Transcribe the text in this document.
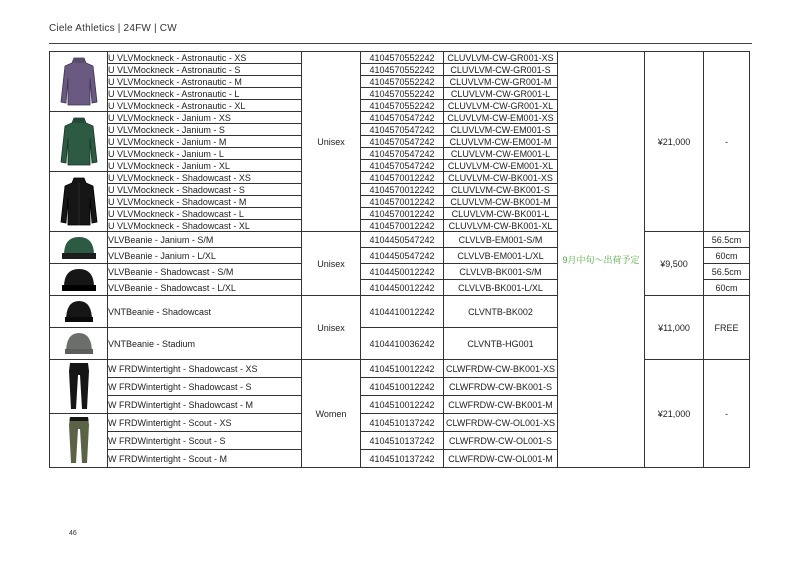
Ciele Athletics | 24FW | CW
	U VLVMockneck - Astronautic - XS	Unisex	4104570552242	CLUVLVM-CW-GR001-XS	9月中旬〜出荷予定	¥21,000	-
	U VLVMockneck - Astronautic - S		4104570552242	CLUVLVM-CW-GR001-S			
	U VLVMockneck - Astronautic - M		4104570552242	CLUVLVM-CW-GR001-M			
	U VLVMockneck - Astronautic - L		4104570552242	CLUVLVM-CW-GR001-L			
	U VLVMockneck - Astronautic - XL		4104570552242	CLUVLVM-CW-GR001-XL			
	U VLVMockneck - Janium - XS		4104570547242	CLUVLVM-CW-EM001-XS			
	U VLVMockneck - Janium - S		4104570547242	CLUVLVM-CW-EM001-S			
	U VLVMockneck - Janium - M		4104570547242	CLUVLVM-CW-EM001-M			
	U VLVMockneck - Janium - L		4104570547242	CLUVLVM-CW-EM001-L			
	U VLVMockneck - Janium - XL		4104570547242	CLUVLVM-CW-EM001-XL			
	U VLVMockneck - Shadowcast - XS		4104570012242	CLUVLVM-CW-BK001-XS			
	U VLVMockneck - Shadowcast - S		4104570012242	CLUVLVM-CW-BK001-S			
	U VLVMockneck - Shadowcast - M		4104570012242	CLUVLVM-CW-BK001-M			
	U VLVMockneck - Shadowcast - L		4104570012242	CLUVLVM-CW-BK001-L			
	U VLVMockneck - Shadowcast - XL		4104570012242	CLUVLVM-CW-BK001-XL			
	VLVBeanie - Janium - S/M	Unisex	4104450547242	CLVLVB-EM001-S/M		¥9,500	56.5cm
	VLVBeanie - Janium - L/XL		4104450547242	CLVLVB-EM001-L/XL			60cm
	VLVBeanie - Shadowcast - S/M		4104450012242	CLVLVB-BK001-S/M			56.5cm
	VLVBeanie - Shadowcast - L/XL		4104450012242	CLVLVB-BK001-L/XL			60cm
	VNTBeanie - Shadowcast	Unisex	4104410012242	CLVNTB-BK002		¥11,000	FREE
	VNTBeanie - Stadium		4104410036242	CLVNTB-HG001			
	W FRDWintertight - Shadowcast - XS	Women	4104510012242	CLWFRDW-CW-BK001-XS		¥21,000	-
	W FRDWintertight - Shadowcast - S		4104510012242	CLWFRDW-CW-BK001-S			
	W FRDWintertight - Shadowcast - M		4104510012242	CLWFRDW-CW-BK001-M			
	W FRDWintertight - Scout - XS		4104510137242	CLWFRDW-CW-OL001-XS			
	W FRDWintertight - Scout - S		4104510137242	CLWFRDW-CW-OL001-S			
	W FRDWintertight - Scout - M		4104510137242	CLWFRDW-CW-OL001-M			
46
